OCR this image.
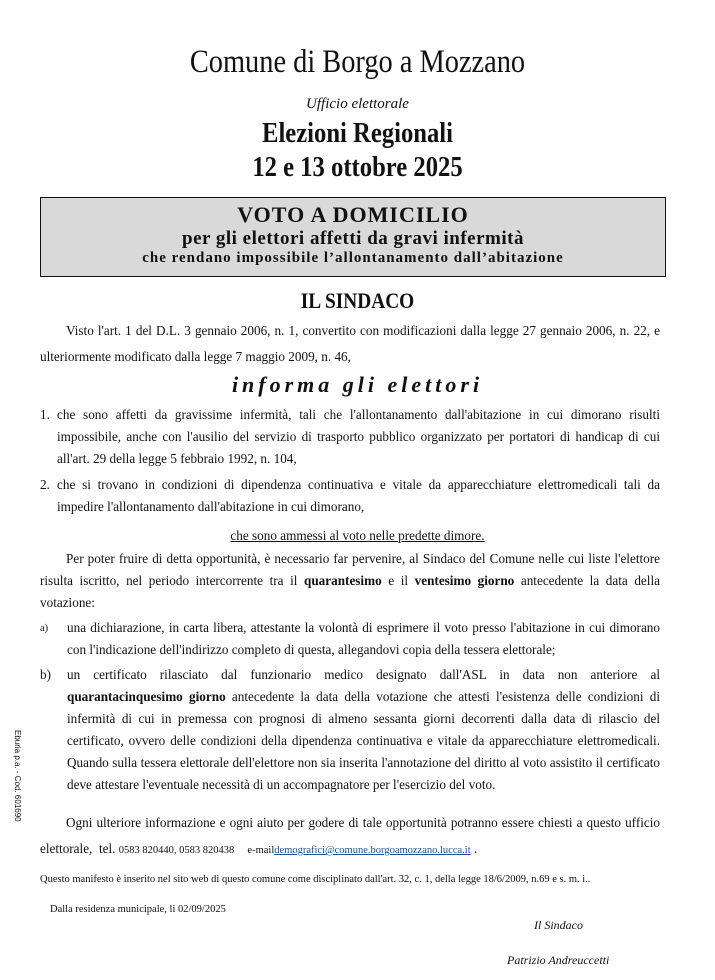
Comune di Borgo a Mozzano
Ufficio elettorale
Elezioni Regionali
12 e 13 ottobre 2025
VOTO A DOMICILIO
per gli elettori affetti da gravi infermità
che rendano impossibile l’allontanamento dall’abitazione
IL SINDACO
Visto l'art. 1 del D.L. 3 gennaio 2006, n. 1, convertito con modificazioni dalla legge 27 gennaio 2006, n. 22, e ulteriormente modificato dalla legge 7 maggio 2009, n. 46,
informa gli elettori
1. che sono affetti da gravissime infermità, tali che l'allontanamento dall'abitazione in cui dimorano risulti impossibile, anche con l'ausilio del servizio di trasporto pubblico organizzato per portatori di handicap di cui all'art. 29 della legge 5 febbraio 1992, n. 104,
2. che si trovano in condizioni di dipendenza continuativa e vitale da apparecchiature elettromedicali tali da impedire l'allontanamento dall'abitazione in cui dimorano,
che sono ammessi al voto nelle predette dimore.
Per poter fruire di detta opportunità, è necessario far pervenire, al Sindaco del Comune nelle cui liste l'elettore risulta iscritto, nel periodo intercorrente tra il quarantesimo e il ventesimo giorno antecedente la data della votazione:
a) una dichiarazione, in carta libera, attestante la volontà di esprimere il voto presso l'abitazione in cui dimorano con l'indicazione dell'indirizzo completo di questa, allegandovi copia della tessera elettorale;
b) un certificato rilasciato dal funzionario medico designato dall'ASL in data non anteriore al quarantacinquesimo giorno antecedente la data della votazione che attesti l'esistenza delle condizioni di infermità di cui in premessa con prognosi di almeno sessanta giorni decorrenti dalla data di rilascio del certificato, ovvero delle condizioni della dipendenza continuativa e vitale da apparecchiature elettromedicali. Quando sulla tessera elettorale dell'elettore non sia inserita l'annotazione del diritto al voto assistito il certificato deve attestare l'eventuale necessità di un accompagnatore per l'esercizio del voto.
Ogni ulteriore informazione e ogni aiuto per godere di tale opportunità potranno essere chiesti a questo ufficio elettorale, tel. 0583 820440, 0583 820438 e-maildemografici@comune.borgoamozzano.lucca.it .
Questo manifesto è inserito nel sito web di questo comune come disciplinato dall'art. 32, c. 1, della legge 18/6/2009, n.69 e s. m. i..
Dalla residenza municipale, li 02/09/2025
Il Sindaco
Patrizio Andreuccetti
Eburia p.a. - Cod. 601690
